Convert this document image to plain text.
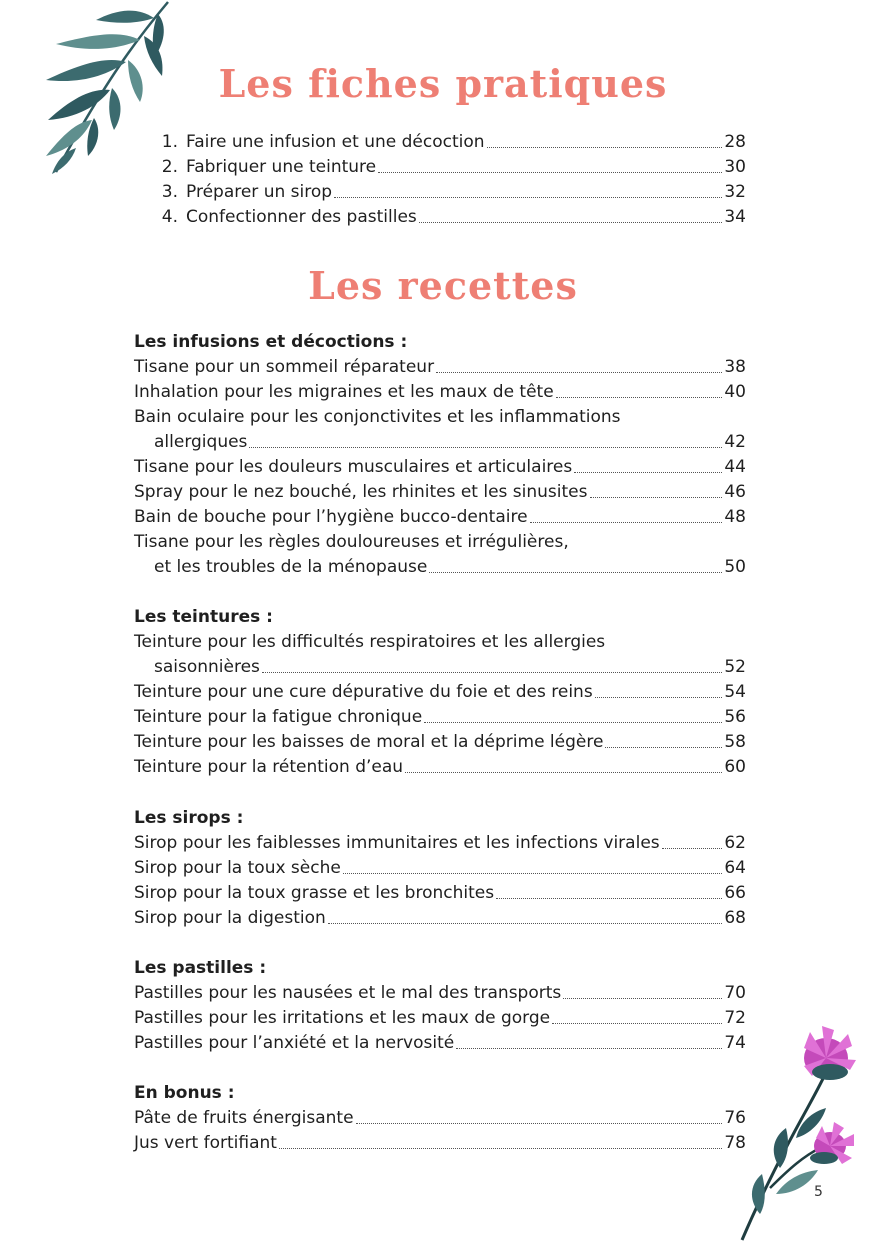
Les fiches pratiques
1. Faire une infusion et une décoction	28
2. Fabriquer une teinture	30
3. Préparer un sirop	32
4. Confectionner des pastilles	34
Les recettes
Les infusions et décoctions :
Tisane pour un sommeil réparateur	38
Inhalation pour les migraines et les maux de tête	40
Bain oculaire pour les conjonctivites et les inflammations
allergiques	42
Tisane pour les douleurs musculaires et articulaires	44
Spray pour le nez bouché, les rhinites et les sinusites	46
Bain de bouche pour l’hygiène bucco-dentaire	48
Tisane pour les règles douloureuses et irrégulières,
et les troubles de la ménopause	50
Les teintures :
Teinture pour les difficultés respiratoires et les allergies
saisonnières	52
Teinture pour une cure dépurative du foie et des reins	54
Teinture pour la fatigue chronique	56
Teinture pour les baisses de moral et la déprime légère	58
Teinture pour la rétention d’eau	60
Les sirops :
Sirop pour les faiblesses immunitaires et les infections virales	62
Sirop pour la toux sèche	64
Sirop pour la toux grasse et les bronchites	66
Sirop pour la digestion	68
Les pastilles :
Pastilles pour les nausées et le mal des transports	70
Pastilles pour les irritations et les maux de gorge	72
Pastilles pour l’anxiété et la nervosité	74
En bonus :
Pâte de fruits énergisante	76
Jus vert fortifiant	78
5
